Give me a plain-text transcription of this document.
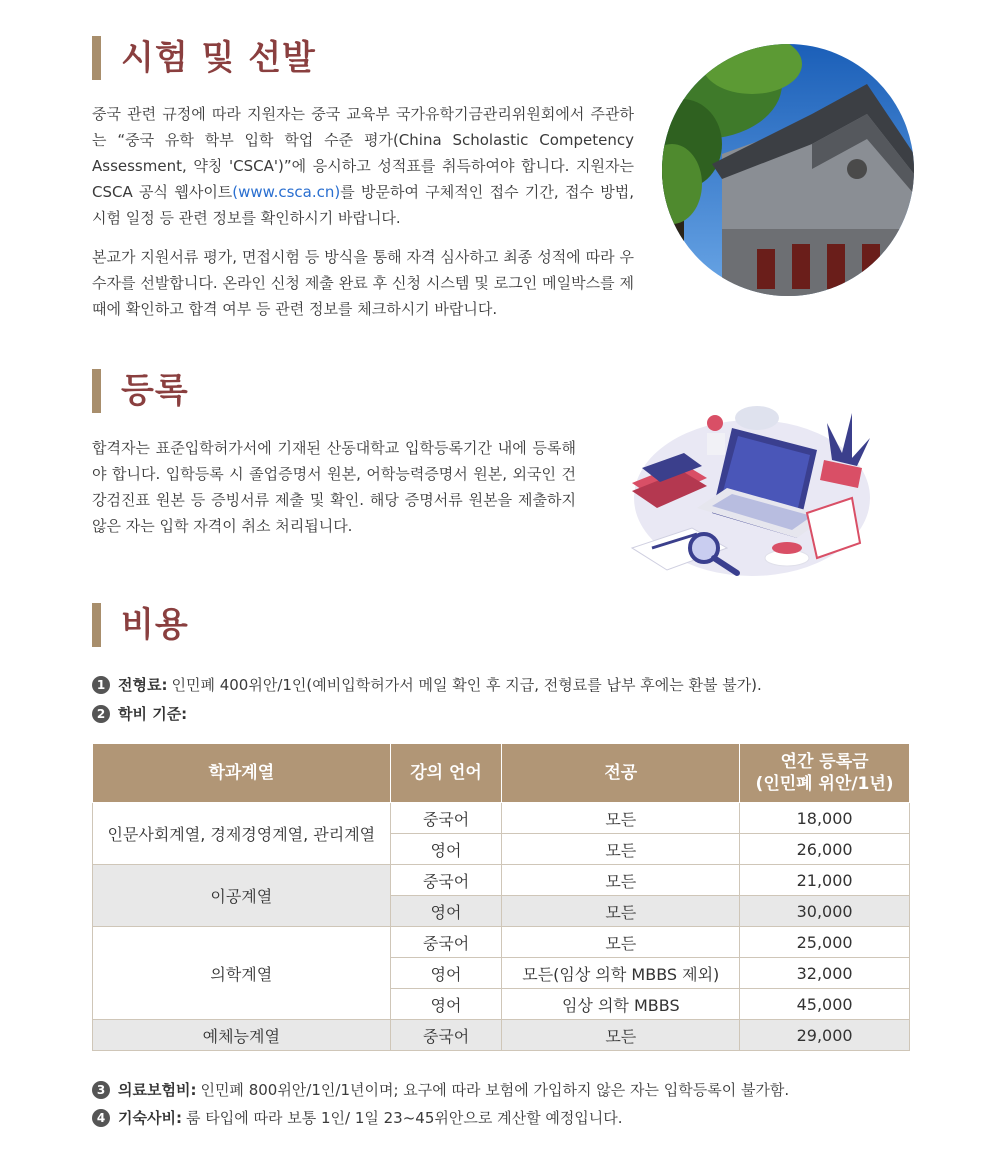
시험 및 선발

중국 관련 규정에 따라 지원자는 중국 교육부 국가유학기금관리위원회에서 주관하는 “중국 유학 학부 입학 학업 수준 평가(China Scholastic Competency Assessment, 약칭 'CSCA')”에 응시하고 성적표를 취득하여야 합니다. 지원자는 CSCA 공식 웹사이트(www.csca.cn)를 방문하여 구체적인 접수 기간, 접수 방법, 시험 일정 등 관련 정보를 확인하시기 바랍니다.

본교가 지원서류 평가, 면접시험 등 방식을 통해 자격 심사하고 최종 성적에 따라 우수자를 선발합니다. 온라인 신청 제출 완료 후 신청 시스템 및 로그인 메일박스를 제때에 확인하고 합격 여부 등 관련 정보를 체크하시기 바랍니다.

등록

합격자는 표준입학허가서에 기재된 산동대학교 입학등록기간 내에 등록해야 합니다. 입학등록 시 졸업증명서 원본, 어학능력증명서 원본, 외국인 건강검진표 원본 등 증빙서류 제출 및 확인. 해당 증명서류 원본을 제출하지 않은 자는 입학 자격이 취소 처리됩니다.

비용
1 전형료: 인민폐 400위안/1인(예비입학허가서 메일 확인 후 지급, 전형료를 납부 후에는 환불 불가).
2 학비 기준:
학과계열	강의 언어	전공	연간 등록금
(인민폐 위안/1년)
인문사회계열, 경제경영계열, 관리계열	중국어	모든	18,000
	영어	모든	26,000
이공계열	중국어	모든	21,000
	영어	모든	30,000
의학계열	중국어	모든	25,000
	영어	모든(임상 의학 MBBS 제외)	32,000
	영어	임상 의학 MBBS	45,000
예체능계열	중국어	모든	29,000
3 의료보험비: 인민폐 800위안/1인/1년이며; 요구에 따라 보험에 가입하지 않은 자는 입학등록이 불가함.
4 기숙사비: 룸 타입에 따라 보통 1인/ 1일 23~45위안으로 계산할 예정입니다.
